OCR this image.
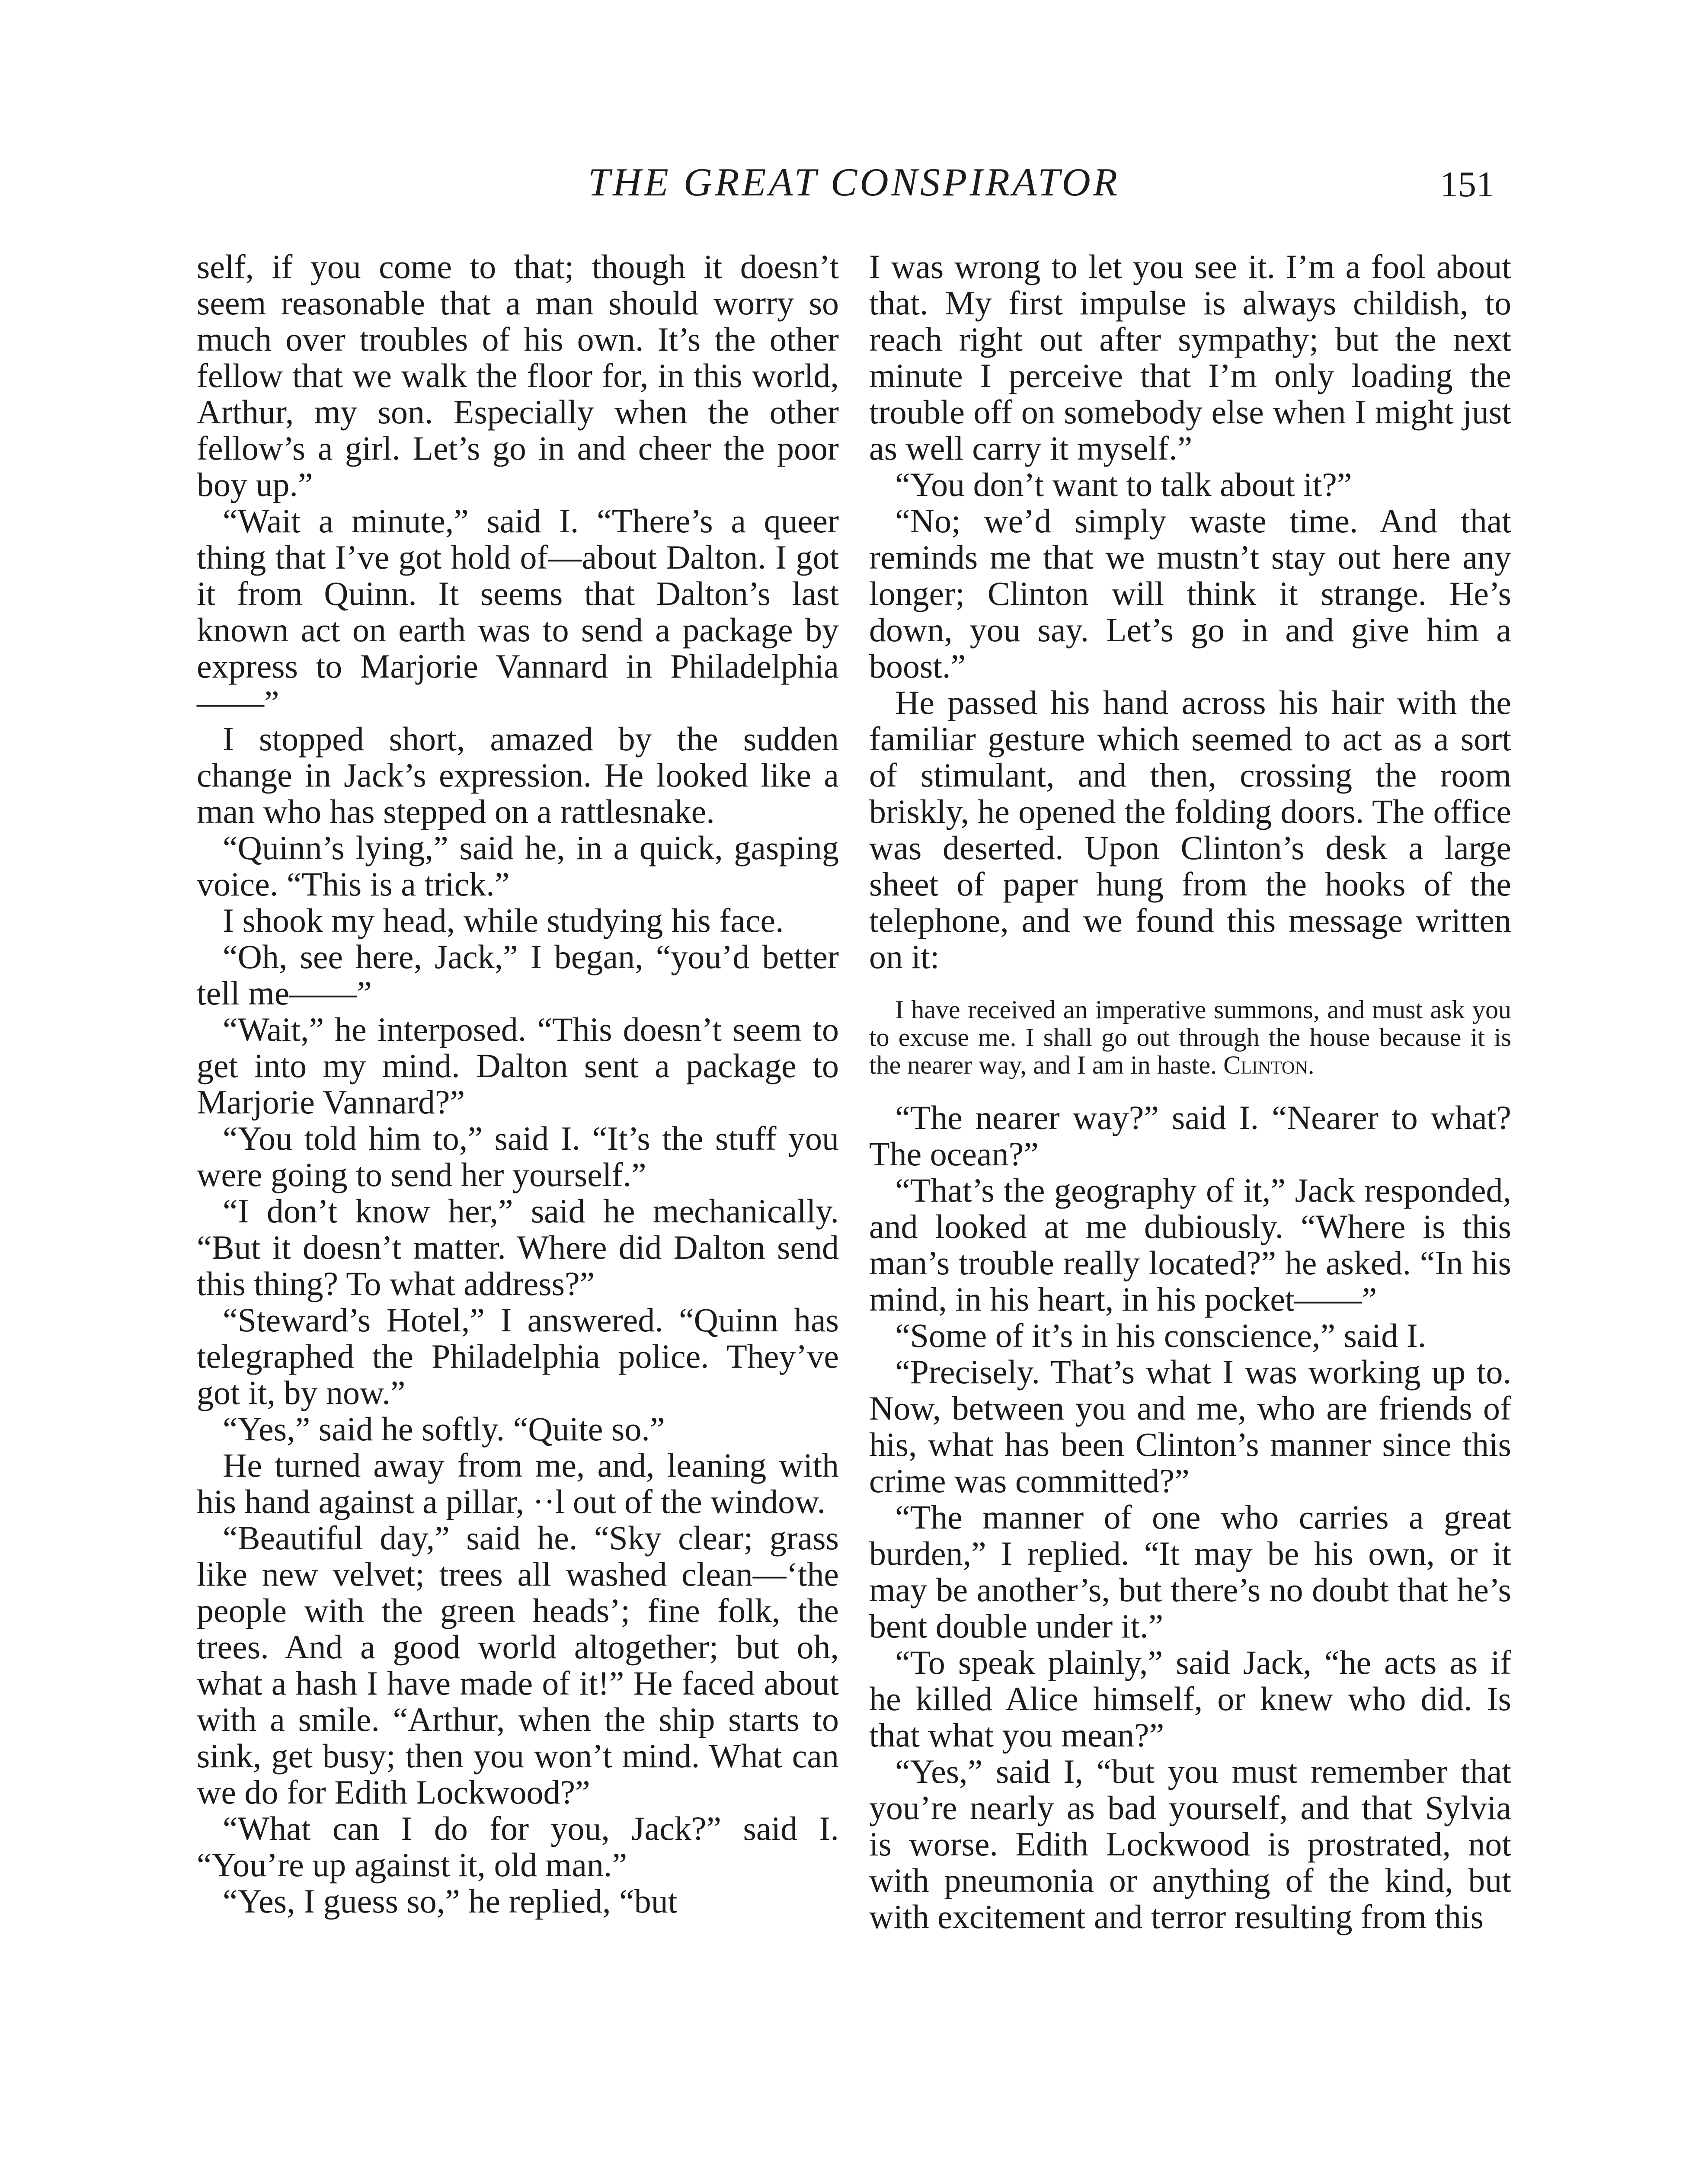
THE GREAT CONSPIRATOR	151

self, if you come to that; though it doesn’t seem reasonable that a man should worry so much over troubles of his own. It’s the other fellow that we walk the floor for, in this world, Arthur, my son. Especially when the other fellow’s a girl. Let’s go in and cheer the poor boy up.”

“Wait a minute,” said I. “There’s a queer thing that I’ve got hold of—about Dalton. I got it from Quinn. It seems that Dalton’s last known act on earth was to send a package by express to Marjorie Vannard in Philadelphia——”

I stopped short, amazed by the sudden change in Jack’s expression. He looked like a man who has stepped on a rattlesnake.

“Quinn’s lying,” said he, in a quick, gasping voice. “This is a trick.”

I shook my head, while studying his face.

“Oh, see here, Jack,” I began, “you’d better tell me——”

“Wait,” he interposed. “This doesn’t seem to get into my mind. Dalton sent a package to Marjorie Vannard?”

“You told him to,” said I. “It’s the stuff you were going to send her yourself.”

“I don’t know her,” said he mechanically. “But it doesn’t matter. Where did Dalton send this thing? To what address?”

“Steward’s Hotel,” I answered. “Quinn has telegraphed the Philadelphia police. They’ve got it, by now.”

“Yes,” said he softly. “Quite so.”

He turned away from me, and, leaning with his hand against a pillar, ··l out of the window.

“Beautiful day,” said he. “Sky clear; grass like new velvet; trees all washed clean—‘the people with the green heads’; fine folk, the trees. And a good world altogether; but oh, what a hash I have made of it!” He faced about with a smile. “Arthur, when the ship starts to sink, get busy; then you won’t mind. What can we do for Edith Lockwood?”

“What can I do for you, Jack?” said I. “You’re up against it, old man.”

“Yes, I guess so,” he replied, “but

I was wrong to let you see it. I’m a fool about that. My first impulse is always childish, to reach right out after sympathy; but the next minute I perceive that I’m only loading the trouble off on somebody else when I might just as well carry it myself.”

“You don’t want to talk about it?”

“No; we’d simply waste time. And that reminds me that we mustn’t stay out here any longer; Clinton will think it strange. He’s down, you say. Let’s go in and give him a boost.”

He passed his hand across his hair with the familiar gesture which seemed to act as a sort of stimulant, and then, crossing the room briskly, he opened the folding doors. The office was deserted. Upon Clinton’s desk a large sheet of paper hung from the hooks of the telephone, and we found this message written on it:

I have received an imperative summons, and must ask you to excuse me. I shall go out through the house because it is the nearer way, and I am in haste. Clinton.

“The nearer way?” said I. “Nearer to what? The ocean?”

“That’s the geography of it,” Jack responded, and looked at me dubiously. “Where is this man’s trouble really located?” he asked. “In his mind, in his heart, in his pocket——”

“Some of it’s in his conscience,” said I.

“Precisely. That’s what I was working up to. Now, between you and me, who are friends of his, what has been Clinton’s manner since this crime was committed?”

“The manner of one who carries a great burden,” I replied. “It may be his own, or it may be another’s, but there’s no doubt that he’s bent double under it.”

“To speak plainly,” said Jack, “he acts as if he killed Alice himself, or knew who did. Is that what you mean?”

“Yes,” said I, “but you must remember that you’re nearly as bad yourself, and that Sylvia is worse. Edith Lockwood is prostrated, not with pneumonia or anything of the kind, but with excitement and terror resulting from this
